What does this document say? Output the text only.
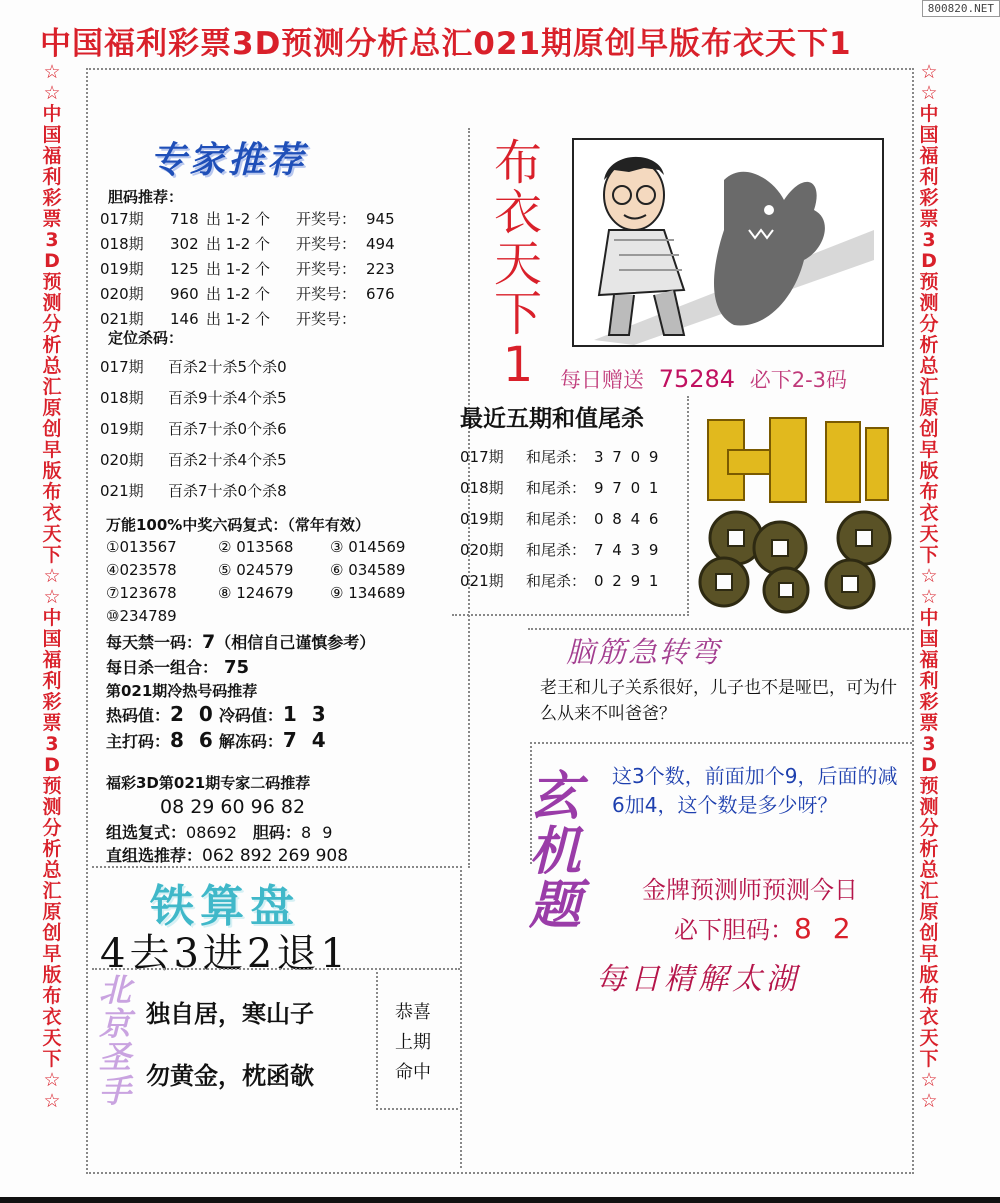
800820.NET
中国福利彩票3D预测分析总汇021期原创早版布衣天下1
☆☆中国福利彩票3D预测分析总汇原创早版布衣天下☆☆中国福利彩票3D预测分析总汇原创早版布衣天下☆☆
☆☆中国福利彩票3D预测分析总汇原创早版布衣天下☆☆中国福利彩票3D预测分析总汇原创早版布衣天下☆☆
专家推荐
胆码推荐：
017期 718 出 1-2 个 开奖号： 945
018期 302 出 1-2 个 开奖号： 494
019期 125 出 1-2 个 开奖号： 223
020期 960 出 1-2 个 开奖号： 676
021期 146 出 1-2 个 开奖号：
定位杀码：
017期 百杀2十杀5个杀0
018期 百杀9十杀4个杀5
019期 百杀7十杀0个杀6
020期 百杀2十杀4个杀5
021期 百杀7十杀0个杀8
万能100%中奖六码复式：（常年有效）
①013567	② 013568 ③ 014569
④023578	⑤ 024579 ⑥ 034589
⑦123678	⑧ 124679 ⑨ 134689
⑩234789
每天禁一码：7（相信自己谨慎参考）
每日杀一组合： 75
第021期冷热号码推荐
热码值：2 0 冷码值：1 3
主打码：8 6 解冻码：7 4
福彩3D第021期专家二码推荐
08 29 60 96 82
组选复式：08692 胆码：8 9
直组选推荐：062 892 269 908
布衣天下1	每日赠送 75284 必下2-3码
最近五期和值尾杀
017期 和尾杀： 3 7 0 9
018期 和尾杀： 9 7 0 1
019期 和尾杀： 0 8 4 6
020期 和尾杀： 7 4 3 9
021期 和尾杀： 0 2 9 1
脑筋急转弯
老王和儿子关系很好，儿子也不是哑巴，可为什么从来不叫爸爸？
玄机题
这3个数，前面加个9，后面的减6加4，这个数是多少呀？
金牌预测师预测今日
必下胆码：8 2
每日精解太湖
铁算盘
4去3进2退1
北京圣手
独自居，寒山子
勿黄金，枕函欹
恭喜
上期
命中
